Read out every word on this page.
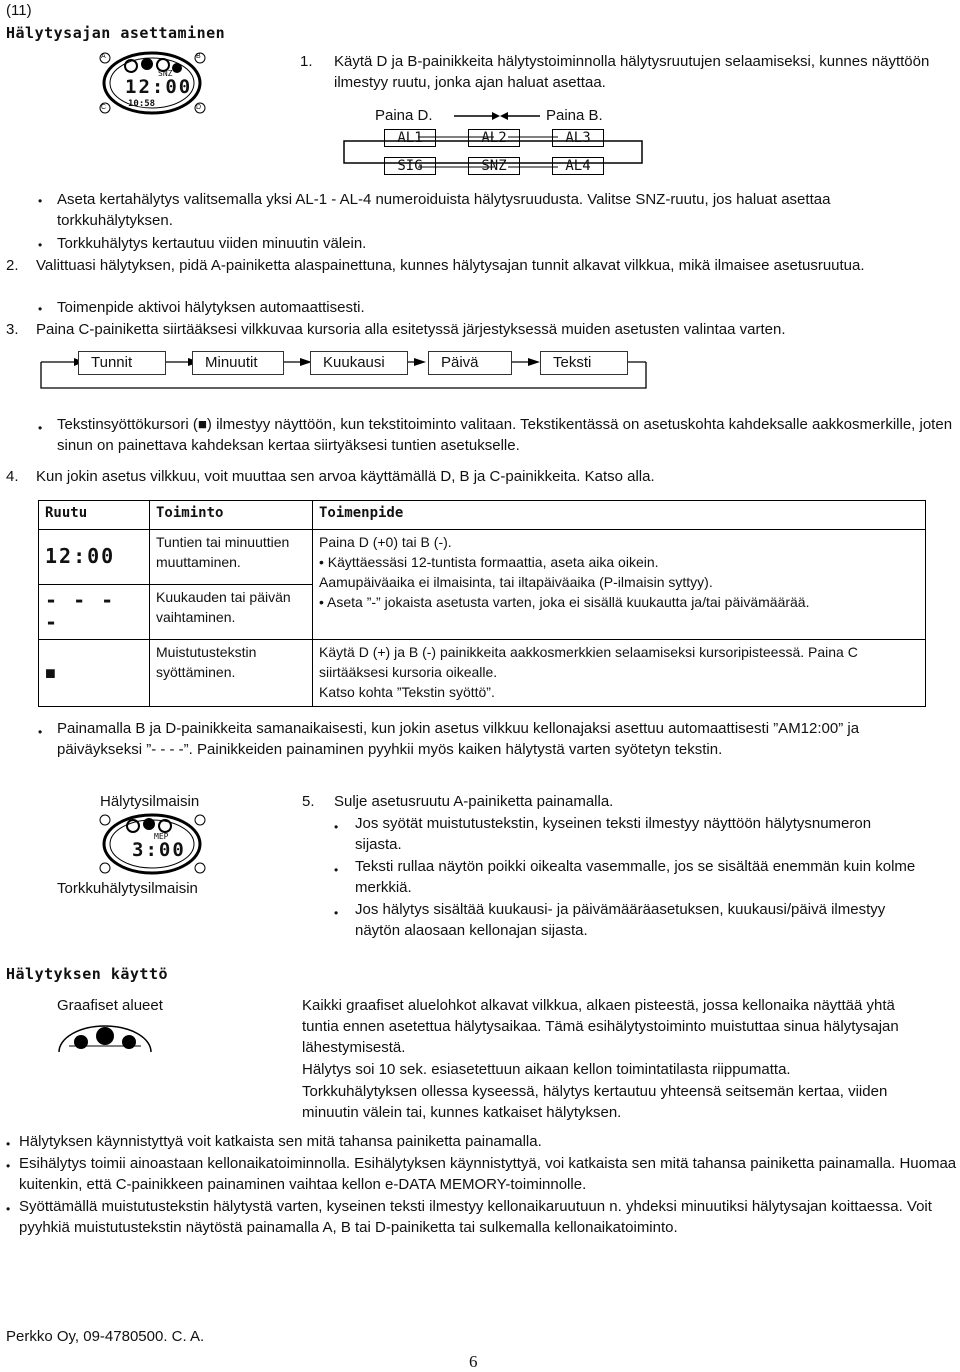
(11)
Hälytysajan asettaminen
SNZ
12:00
10:58
A	B
C	D
1. Käytä D ja B-painikkeita hälytystoiminnolla hälytysruutujen selaamiseksi, kunnes näyttöön ilmestyy ruutu, jonka ajan haluat asettaa.
Paina D.	Paina B.
AL1	AL2	AL3
SIG	SNZ	AL4
• Aseta kertahälytys valitsemalla yksi AL-1 - AL-4 numeroiduista hälytysruudusta. Valitse SNZ-ruutu, jos haluat asettaa torkkuhälytyksen.
• Torkkuhälytys kertautuu viiden minuutin välein.
2. Valittuasi hälytyksen, pidä A-painiketta alaspainettuna, kunnes hälytysajan tunnit alkavat vilkkua, mikä ilmaisee asetusruutua.
• Toimenpide aktivoi hälytyksen automaattisesti.
3. Paina C-painiketta siirtääksesi vilkkuvaa kursoria alla esitetyssä järjestyksessä muiden asetusten valintaa varten.
Tunnit	Minuutit	Kuukausi	Päivä	Teksti
• Tekstinsyöttökursori (■) ilmestyy näyttöön, kun tekstitoiminto valitaan. Tekstikentässä on asetuskohta kahdeksalle aakkosmerkille, joten sinun on painettava kahdeksan kertaa siirtyäksesi tuntien asetukselle.
4. Kun jokin asetus vilkkuu, voit muuttaa sen arvoa käyttämällä D, B ja C-painikkeita. Katso alla.
Ruutu	Toiminto	Toimenpide
12:00	Tuntien tai minuuttien muuttaminen.	Paina D (+0) tai B (-).
• Käyttäessäsi 12-tuntista formaattia, aseta aika oikein.
Aamupäiväaika ei ilmaisinta, tai iltapäiväaika (P-ilmaisin syttyy).
• Aseta ”-” jokaista asetusta varten, joka ei sisällä kuukautta ja/tai päivämäärää.

- - - -	Kuukauden tai päivän vaihtaminen.	
■	Muistutustekstin syöttäminen.	Käytä D (+) ja B (-) painikkeita aakkosmerkkien selaamiseksi kursoripisteessä. Paina C siirtääksesi kursoria oikealle.
Katso kohta ”Tekstin syöttö”.
• Painamalla B ja D-painikkeita samanaikaisesti, kun jokin asetus vilkkuu kellonajaksi asettuu automaattisesti ”AM12:00” ja päiväykseksi ”- - - -”. Painikkeiden painaminen pyyhkii myös kaiken hälytystä varten syötetyn tekstin.
Hälytysilmaisin
MEP
3:00
Torkkuhälytysilmaisin
5. Sulje asetusruutu A-painiketta painamalla.
• Jos syötät muistutustekstin, kyseinen teksti ilmestyy näyttöön hälytysnumeron sijasta.
• Teksti rullaa näytön poikki oikealta vasemmalle, jos se sisältää enemmän kuin kolme merkkiä.
• Jos hälytys sisältää kuukausi- ja päivämääräasetuksen, kuukausi/päivä ilmestyy näytön alaosaan kellonajan sijasta.
Hälytyksen käyttö
Graafiset alueet	Kaikki graafiset aluelohkot alkavat vilkkua, alkaen pisteestä, jossa kellonaika näyttää yhtä tuntia ennen asetettua hälytysaikaa. Tämä esihälytystoiminto muistuttaa sinua hälytysajan lähestymisestä.
Hälytys soi 10 sek. esiasetettuun aikaan kellon toimintatilasta riippumatta.
Torkkuhälytyksen ollessa kyseessä, hälytys kertautuu yhteensä seitsemän kertaa, viiden minuutin välein tai, kunnes katkaiset hälytyksen.
• Hälytyksen käynnistyttyä voit katkaista sen mitä tahansa painiketta painamalla.
• Esihälytys toimii ainoastaan kellonaikatoiminnolla. Esihälytyksen käynnistyttyä, voi katkaista sen mitä tahansa painiketta painamalla. Huomaa kuitenkin, että C-painikkeen painaminen vaihtaa kellon e-DATA MEMORY-toiminnolle.
• Syöttämällä muistutustekstin hälytystä varten, kyseinen teksti ilmestyy kellonaikaruutuun n. yhdeksi minuutiksi hälytysajan koittaessa. Voit pyyhkiä muistutustekstin näytöstä painamalla A, B tai D-painiketta tai sulkemalla kellonaikatoiminto.
Perkko Oy, 09-4780500. C. A.
6
